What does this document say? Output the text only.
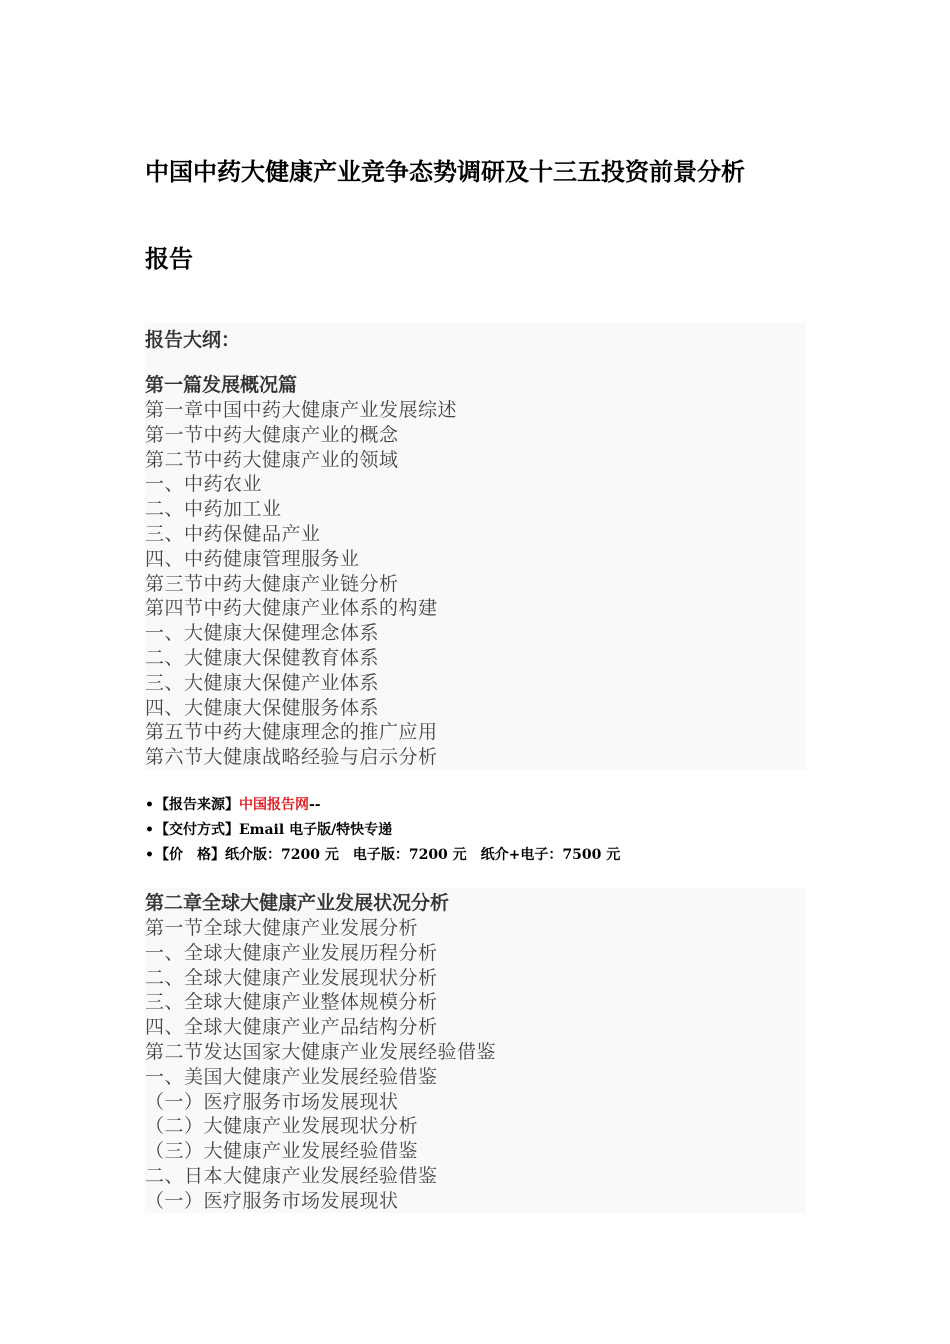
中国中药大健康产业竞争态势调研及十三五投资前景分析
报告
报告大纲：
第一篇发展概况篇
第一章中国中药大健康产业发展综述
第一节中药大健康产业的概念
第二节中药大健康产业的领域
一、中药农业
二、中药加工业
三、中药保健品产业
四、中药健康管理服务业
第三节中药大健康产业链分析
第四节中药大健康产业体系的构建
一、大健康大保健理念体系
二、大健康大保健教育体系
三、大健康大保健产业体系
四、大健康大保健服务体系
第五节中药大健康理念的推广应用
第六节大健康战略经验与启示分析
•【报告来源】中国报告网--
•【交付方式】Email 电子版/特快专递
•【价　格】纸介版：7200 元　电子版：7200 元　纸介+电子：7500 元
第二章全球大健康产业发展状况分析
第一节全球大健康产业发展分析
一、全球大健康产业发展历程分析
二、全球大健康产业发展现状分析
三、全球大健康产业整体规模分析
四、全球大健康产业产品结构分析
第二节发达国家大健康产业发展经验借鉴
一、美国大健康产业发展经验借鉴
（一）医疗服务市场发展现状
（二）大健康产业发展现状分析
（三）大健康产业发展经验借鉴
二、日本大健康产业发展经验借鉴
（一）医疗服务市场发展现状
